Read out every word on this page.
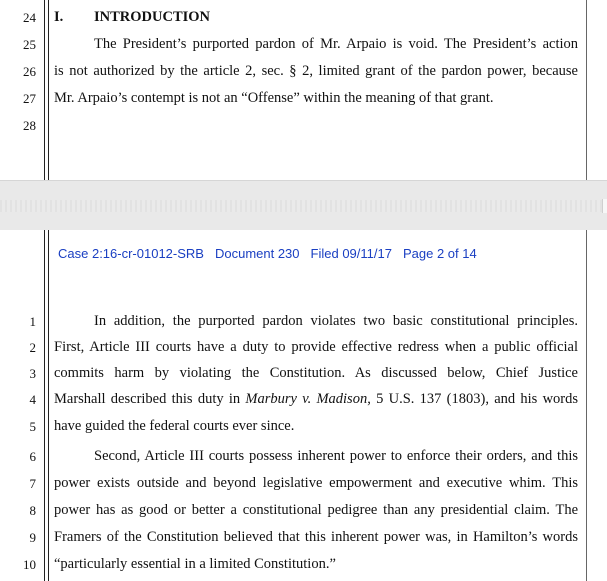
24
25
26
27
28
I. INTRODUCTION
The President’s purported pardon of Mr. Arpaio is void. The President’s action
is not authorized by the article 2, sec. § 2, limited grant of the pardon power, because
Mr. Arpaio’s contempt is not an “Offense” within the meaning of that grant.
Case 2:16-cr-01012-SRB Document 230 Filed 09/11/17 Page 2 of 14
1
2
3
4
5
6
7
8
9
10
In addition, the purported pardon violates two basic constitutional principles.
First, Article III courts have a duty to provide effective redress when a public official
commits harm by violating the Constitution. As discussed below, Chief Justice
Marshall described this duty in Marbury v. Madison, 5 U.S. 137 (1803), and his words
have guided the federal courts ever since.
Second, Article III courts possess inherent power to enforce their orders, and this
power exists outside and beyond legislative empowerment and executive whim. This
power has as good or better a constitutional pedigree than any presidential claim. The
Framers of the Constitution believed that this inherent power was, in Hamilton’s words
“particularly essential in a limited Constitution.”
